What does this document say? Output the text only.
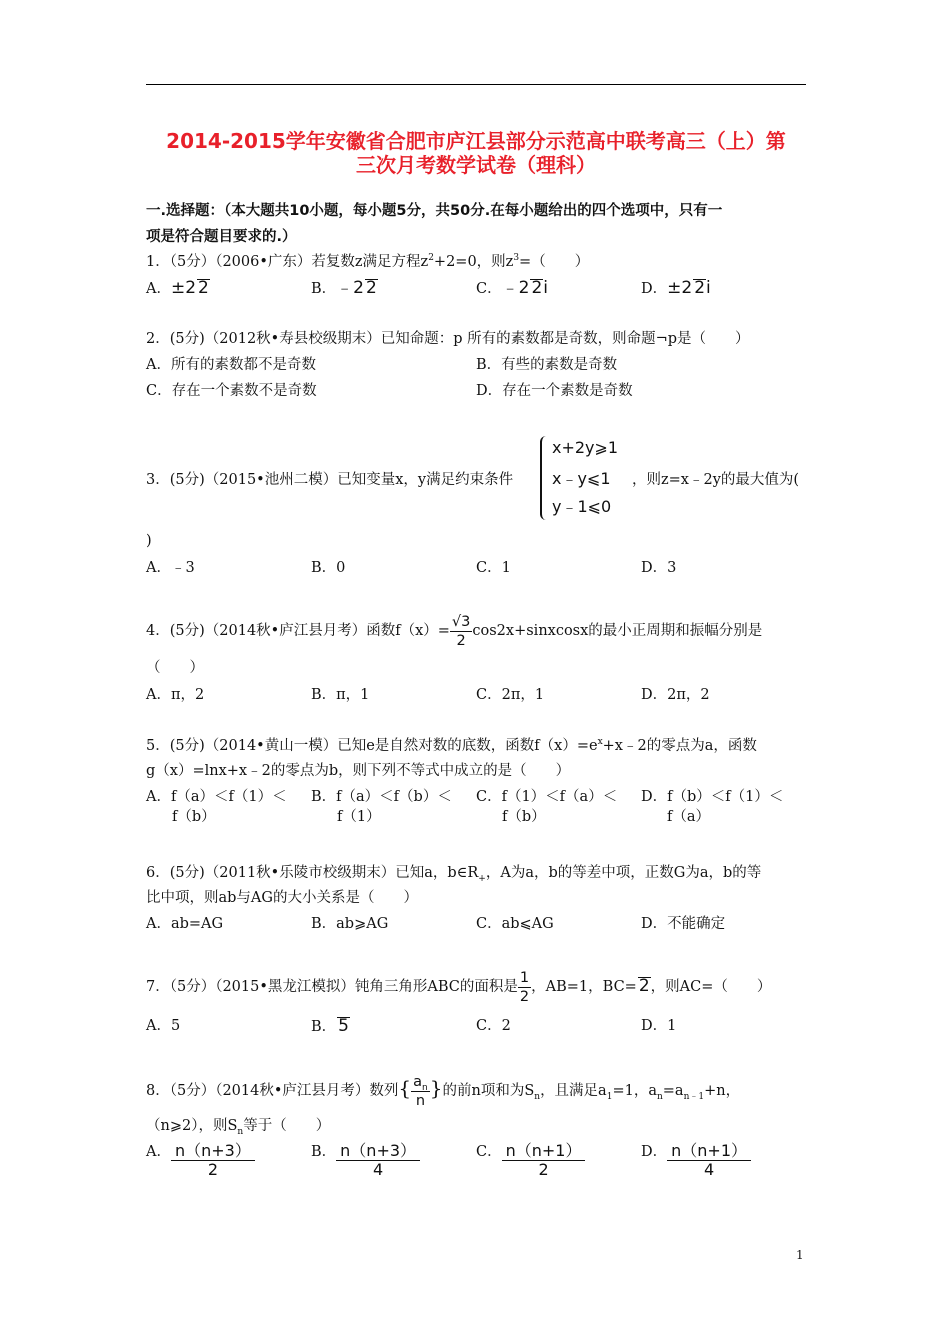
2014-2015学年安徽省合肥市庐江县部分示范高中联考高三（上）第
三次月考数学试卷（理科）
一.选择题：（本大题共10小题，每小题5分，共50分.在每小题给出的四个选项中，只有一
项是符合题目要求的.）
1．（5分）（2006•广东）若复数z满足方程$z^2+2=0$，则$z^3=$（　　）
A．±2 2	B．﹣2 2	C．﹣2 2i	D．±2 2i
2．(5分)（2012秋•寿县校级期末）已知命题：p 所有的素数都是奇数，则命题¬p是（　　）
A．所有的素数都不是奇数	B．有些的素数是奇数
C．存在一个素数不是奇数	D．存在一个素数是奇数
3．(5分)（2015•池州二模）已知变量x，y满足约束条件
x+2y⩾1
x﹣y⩽1
y﹣1⩽0
，则z=x﹣2y的最大值为(
)
A．﹣3	B．0	C．1	D．3
4．(5分)（2014秋•庐江县月考）函数$f(x)= \frac{√3}{2}$ cos2x+sinxcosx的最小正周期和振幅分别是
（　　）
A．π，2	B．π，1	C．2π，1	D．2π，2
5．(5分)（2014•黄山一模）已知e是自然对数的底数，函数$f(x)=e^x+x﹣2$的零点为a，函数
g（x）=lnx+x﹣2的零点为b，则下列不等式中成立的是（　　）
A．f（a）＜f（1）＜
f（b）
B．f（a）＜f（b）＜
f（1）
C．f（1）＜f（a）＜
f（b）
D．f（b）＜f（1）＜
f（a）
6．(5分)（2011秋•乐陵市校级期末）已知a，$b\in R_+$，A为a，b的等差中项，正数G为a，b的等
比中项，则ab与AG的大小关系是（　　）
A．ab=AG	B．ab⩾AG	C．ab⩽AG	D．不能确定
7．（5分）（2015•黑龙江模拟）钝角三角形ABC的面积是 $\frac{1}{2}$ ，AB=1，BC= 2，则AC=（　　）
A．5	B． 5	C．2	D．1
8．（5分）（2014秋•庐江县月考）数列{ $\frac{a_n}{n}$ }的前n项和为$S_n$，且满足$a_1=1$，$a_n=a_{n﹣1}+n$，
（n⩾2），则$S_n$等于（　　）
A． $\frac{n(n+3)}{2}$	B． $\frac{n(n+3)}{4}$	C． $\frac{n(n+1)}{2}$	D． $\frac{n(n+1)}{4}$
1
